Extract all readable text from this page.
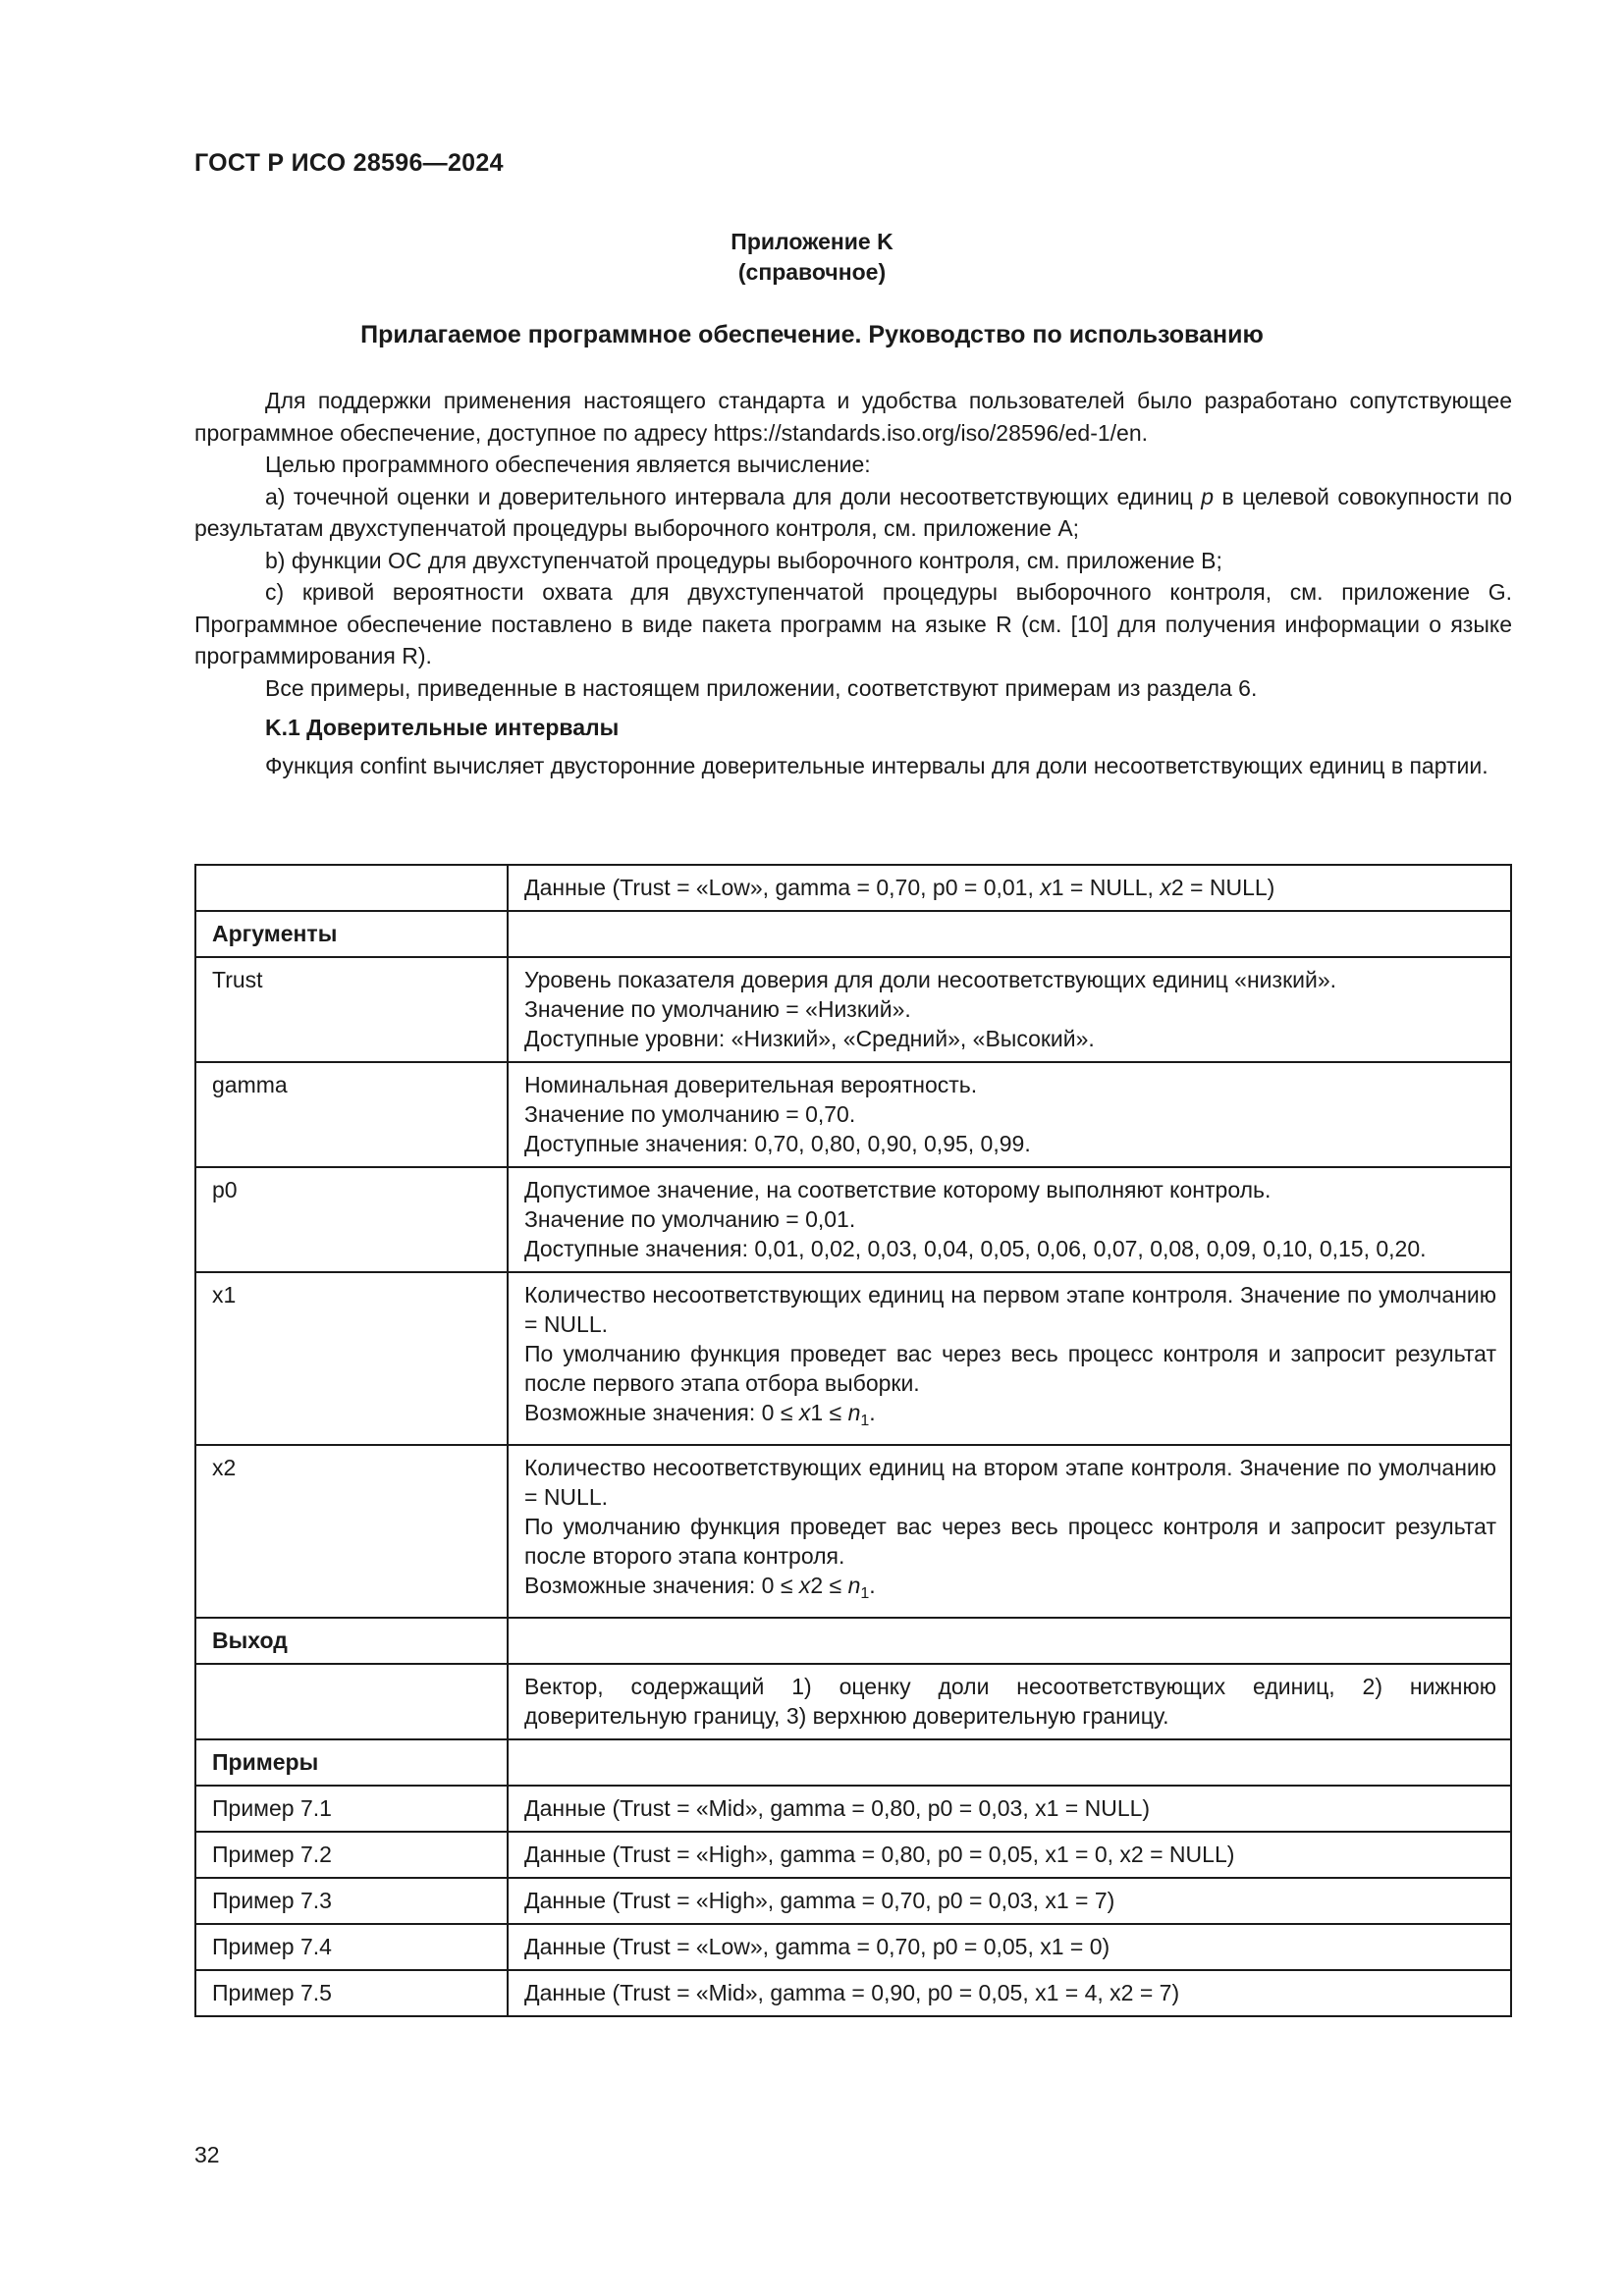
ГОСТ Р ИСО 28596—2024
Приложение K
(справочное)
Прилагаемое программное обеспечение. Руководство по использованию

Для поддержки применения настоящего стандарта и удобства пользователей было разработано сопутствующее программное обеспечение, доступное по адресу https://standards.iso.org/iso/28596/ed-1/en.

Целью программного обеспечения является вычисление:

a) точечной оценки и доверительного интервала для доли несоответствующих единиц p в целевой совокупности по результатам двухступенчатой процедуры выборочного контроля, см. приложение A;

b) функции ОС для двухступенчатой процедуры выборочного контроля, см. приложение B;

c) кривой вероятности охвата для двухступенчатой процедуры выборочного контроля, см. приложение G. Программное обеспечение поставлено в виде пакета программ на языке R (см. [10] для получения информации о языке программирования R).

Все примеры, приведенные в настоящем приложении, соответствуют примерам из раздела 6.

K.1 Доверительные интервалы

Функция confint вычисляет двусторонние доверительные интервалы для доли несоответствующих единиц в партии.

	Данные (Trust = «Low», gamma = 0,70, p0 = 0,01, x1 = NULL, x2 = NULL)
Аргументы	
Trust	Уровень показателя доверия для доли несоответствующих единиц «низкий».
Значение по умолчанию = «Низкий».
Доступные уровни: «Низкий», «Средний», «Высокий».

gamma	Номинальная доверительная вероятность.
Значение по умолчанию = 0,70.
Доступные значения: 0,70, 0,80, 0,90, 0,95, 0,99.

p0	Допустимое значение, на соответствие которому выполняют контроль.
Значение по умолчанию = 0,01.
Доступные значения: 0,01, 0,02, 0,03, 0,04, 0,05, 0,06, 0,07, 0,08, 0,09, 0,10, 0,15, 0,20.

x1	Количество несоответствующих единиц на первом этапе контроля. Значение по умолчанию = NULL.
По умолчанию функция проведет вас через весь процесс контроля и запросит результат после первого этапа отбора выборки.
Возможные значения: $0 \le x1 \le n_1$.

x2	Количество несоответствующих единиц на втором этапе контроля. Значение по умолчанию = NULL.
По умолчанию функция проведет вас через весь процесс контроля и запросит результат после второго этапа контроля.
Возможные значения: $0 \le x2 \le n_1$.

Выход	
	Вектор, содержащий 1) оценку доли несоответствующих единиц, 2) нижнюю доверительную границу, 3) верхнюю доверительную границу.
Примеры	
Пример 7.1	Данные (Trust = «Mid», gamma = 0,80, p0 = 0,03, x1 = NULL)
Пример 7.2	Данные (Trust = «High», gamma = 0,80, p0 = 0,05, x1 = 0, x2 = NULL)
Пример 7.3	Данные (Trust = «High», gamma = 0,70, p0 = 0,03, x1 = 7)
Пример 7.4	Данные (Trust = «Low», gamma = 0,70, p0 = 0,05, x1 = 0)
Пример 7.5	Данные (Trust = «Mid», gamma = 0,90, p0 = 0,05, x1 = 4, x2 = 7)
32
